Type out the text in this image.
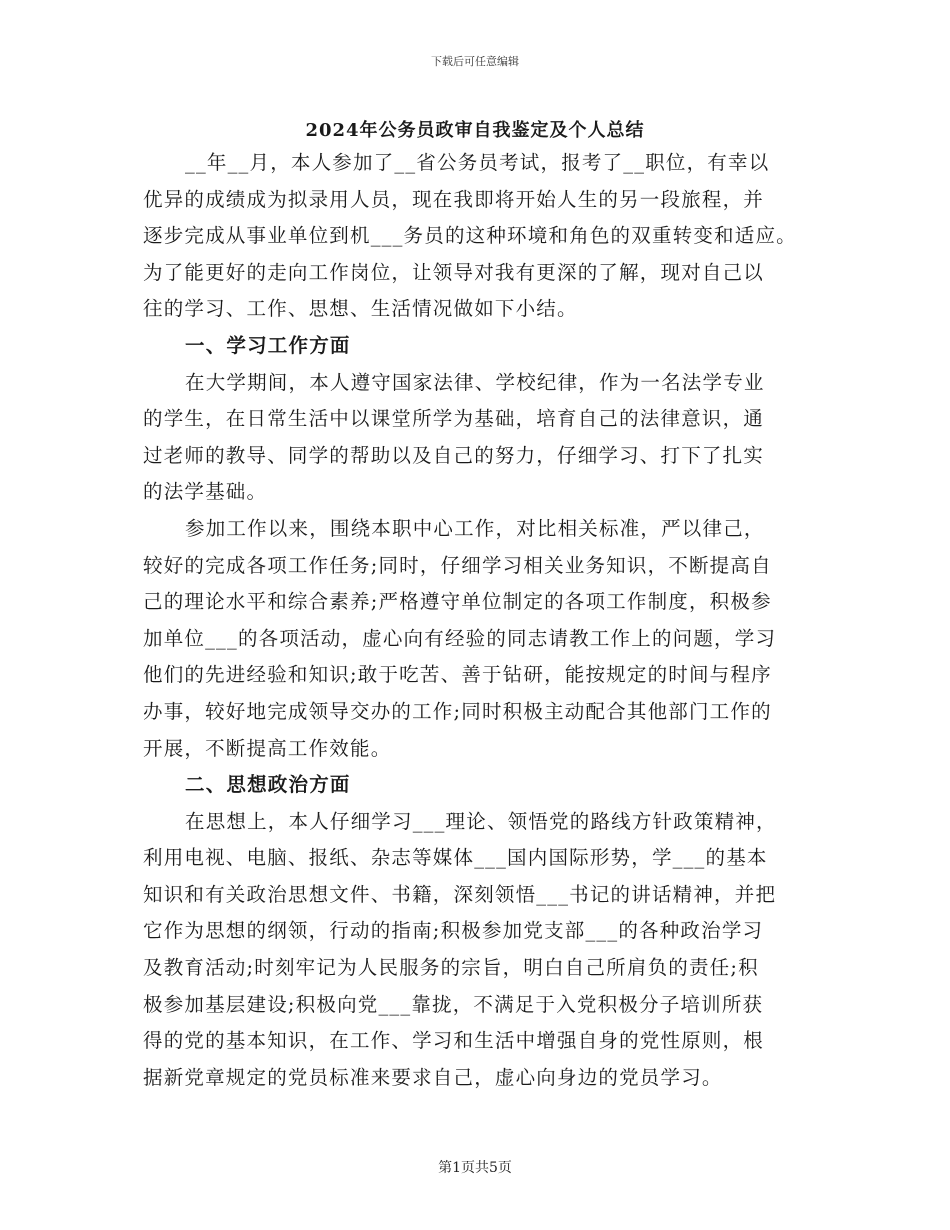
下载后可任意编辑
2024年公务员政审自我鉴定及个人总结
__年__月，本人参加了__省公务员考试，报考了__职位，有幸以
优异的成绩成为拟录用人员，现在我即将开始人生的另一段旅程，并
逐步完成从事业单位到机___务员的这种环境和角色的双重转变和适应。
为了能更好的走向工作岗位，让领导对我有更深的了解，现对自己以
往的学习、工作、思想、生活情况做如下小结。
一、学习工作方面
在大学期间，本人遵守国家法律、学校纪律，作为一名法学专业
的学生，在日常生活中以课堂所学为基础，培育自己的法律意识，通
过老师的教导、同学的帮助以及自己的努力，仔细学习、打下了扎实
的法学基础。
参加工作以来，围绕本职中心工作，对比相关标准，严以律己，
较好的完成各项工作任务;同时，仔细学习相关业务知识，不断提高自
己的理论水平和综合素养;严格遵守单位制定的各项工作制度，积极参
加单位___的各项活动，虚心向有经验的同志请教工作上的问题，学习
他们的先进经验和知识;敢于吃苦、善于钻研，能按规定的时间与程序
办事，较好地完成领导交办的工作;同时积极主动配合其他部门工作的
开展，不断提高工作效能。
二、思想政治方面
在思想上，本人仔细学习___理论、领悟党的路线方针政策精神，
利用电视、电脑、报纸、杂志等媒体___国内国际形势，学___的基本
知识和有关政治思想文件、书籍，深刻领悟___书记的讲话精神，并把
它作为思想的纲领，行动的指南;积极参加党支部___的各种政治学习
及教育活动;时刻牢记为人民服务的宗旨，明白自己所肩负的责任;积
极参加基层建设;积极向党___靠拢，不满足于入党积极分子培训所获
得的党的基本知识，在工作、学习和生活中增强自身的党性原则，根
据新党章规定的党员标准来要求自己，虚心向身边的党员学习。
第1页共5页
